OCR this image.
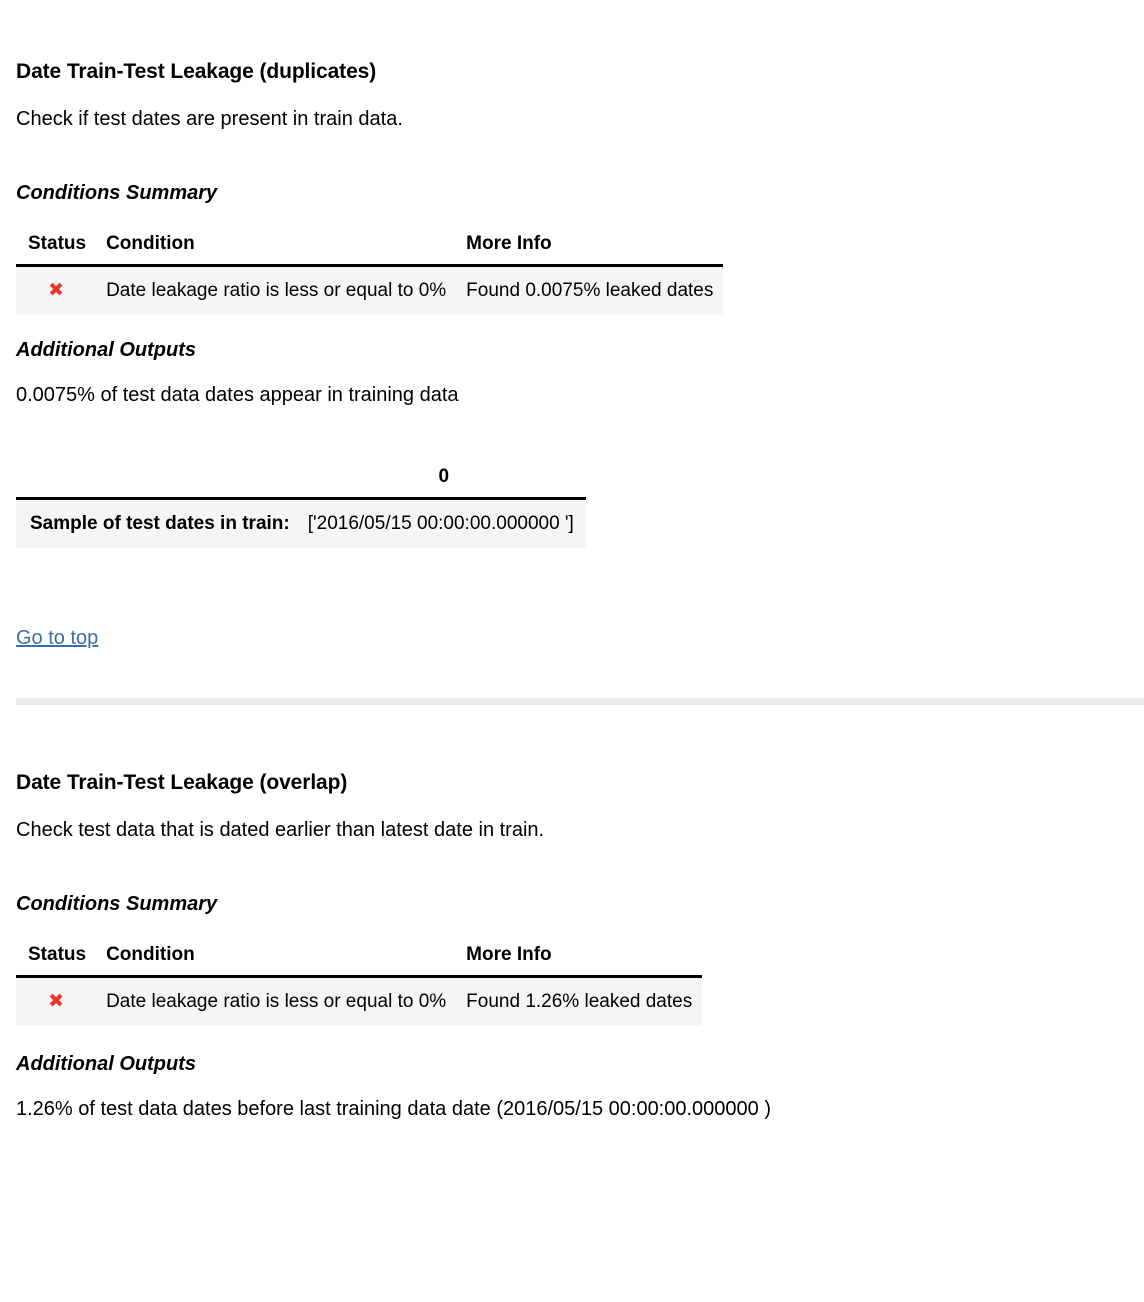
Date Train-Test Leakage (duplicates)

Check if test dates are present in train data.

Conditions Summary
Status	Condition	More Info
✖	Date leakage ratio is less or equal to 0%	Found 0.0075% leaked dates
Additional Outputs

0.0075% of test data dates appear in training data

	0
Sample of test dates in train:	['2016/05/15 00:00:00.000000 ']
Go to top
Date Train-Test Leakage (overlap)

Check test data that is dated earlier than latest date in train.

Conditions Summary
Status	Condition	More Info
✖	Date leakage ratio is less or equal to 0%	Found 1.26% leaked dates
Additional Outputs

1.26% of test data dates before last training data date (2016/05/15 00:00:00.000000 )
